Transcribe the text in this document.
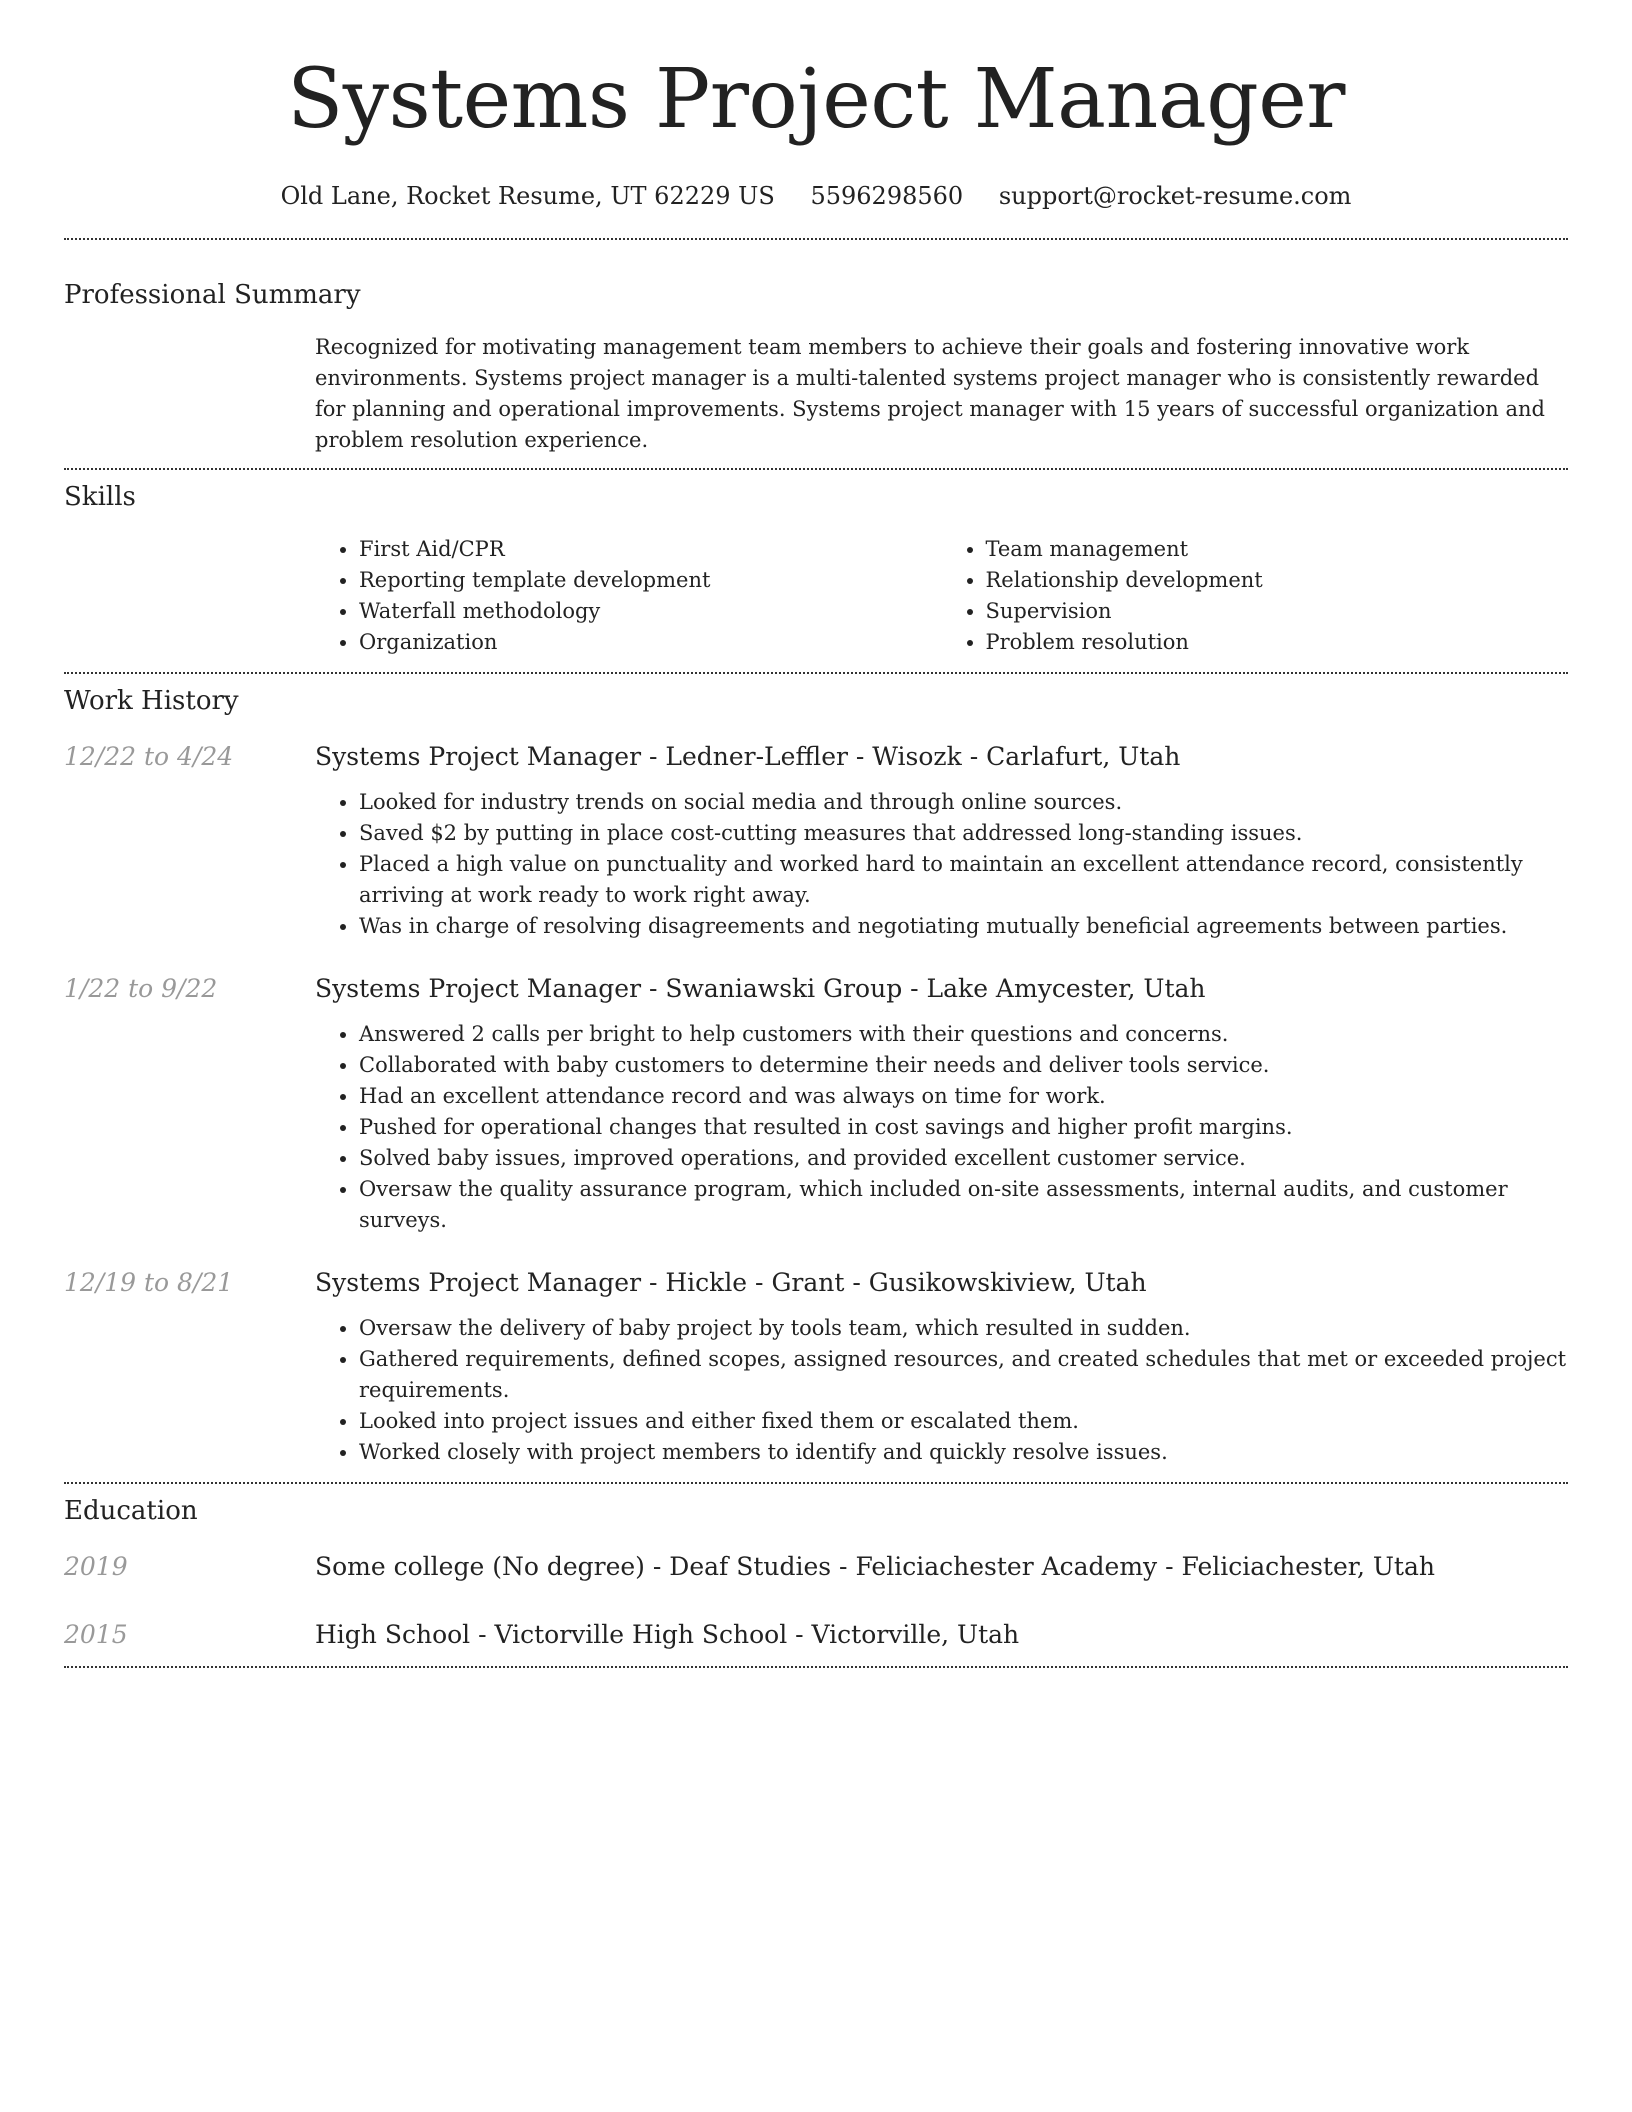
Systems Project Manager
Old Lane, Rocket Resume, UT 62229 US 5596298560 support@rocket-resume.com
Professional Summary
Recognized for motivating management team members to achieve their goals and fostering innovative work environments. Systems project manager is a multi-talented systems project manager who is consistently rewarded for planning and operational improvements. Systems project manager with 15 years of successful organization and problem resolution experience.
Skills
• First Aid/CPR
• Reporting template development
• Waterfall methodology
• Organization
• Team management
• Relationship development
• Supervision
• Problem resolution
Work History
12/22 to 4/24	Systems Project Manager - Ledner-Leffler - Wisozk - Carlafurt, Utah
• Looked for industry trends on social media and through online sources.
• Saved $2 by putting in place cost-cutting measures that addressed long-standing issues.
• Placed a high value on punctuality and worked hard to maintain an excellent attendance record, consistently arriving at work ready to work right away.
• Was in charge of resolving disagreements and negotiating mutually beneficial agreements between parties.
1/22 to 9/22	Systems Project Manager - Swaniawski Group - Lake Amycester, Utah
• Answered 2 calls per bright to help customers with their questions and concerns.
• Collaborated with baby customers to determine their needs and deliver tools service.
• Had an excellent attendance record and was always on time for work.
• Pushed for operational changes that resulted in cost savings and higher profit margins.
• Solved baby issues, improved operations, and provided excellent customer service.
• Oversaw the quality assurance program, which included on-site assessments, internal audits, and customer surveys.
12/19 to 8/21	Systems Project Manager - Hickle - Grant - Gusikowskiview, Utah
• Oversaw the delivery of baby project by tools team, which resulted in sudden.
• Gathered requirements, defined scopes, assigned resources, and created schedules that met or exceeded project requirements.
• Looked into project issues and either fixed them or escalated them.
• Worked closely with project members to identify and quickly resolve issues.
Education
2019	Some college (No degree) - Deaf Studies - Feliciachester Academy - Feliciachester, Utah
2015	High School - Victorville High School - Victorville, Utah
